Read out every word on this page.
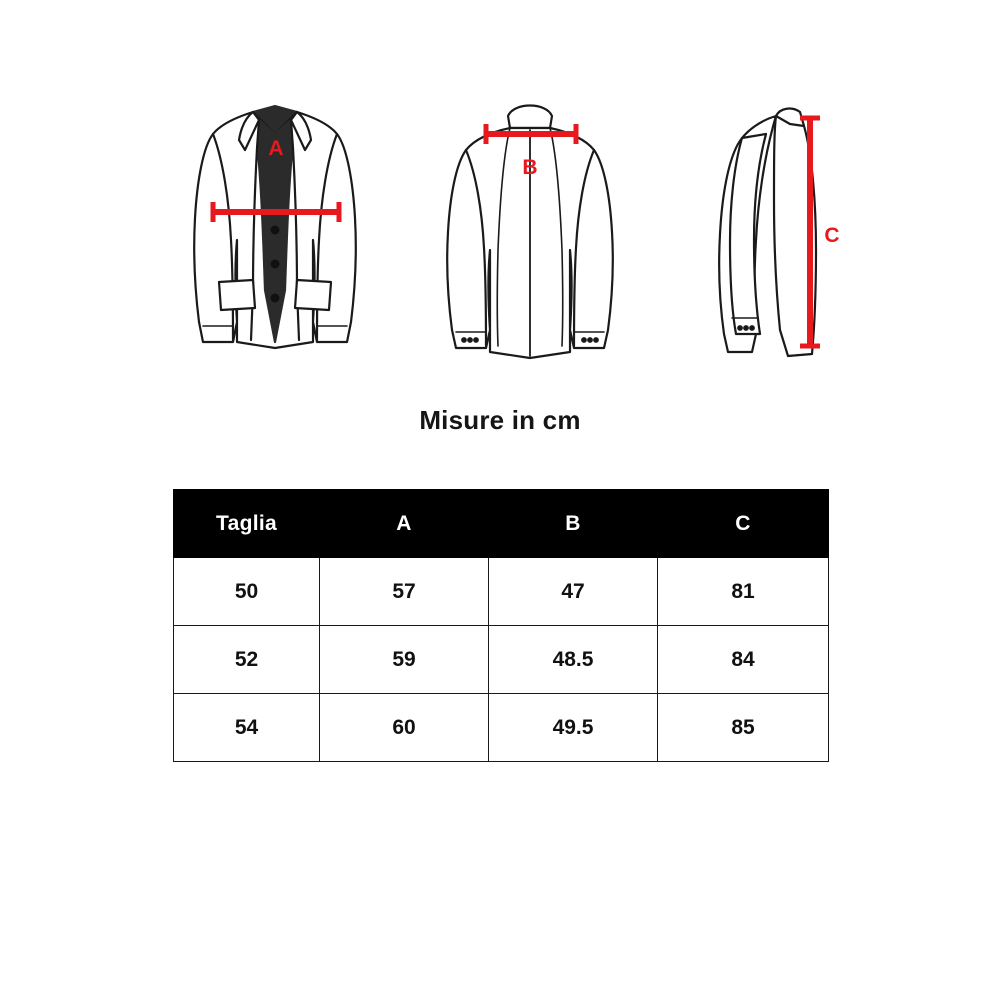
A
B
C
Misure in cm
Taglia	A	B	C
50	57	47	81
52	59	48.5	84
54	60	49.5	85
